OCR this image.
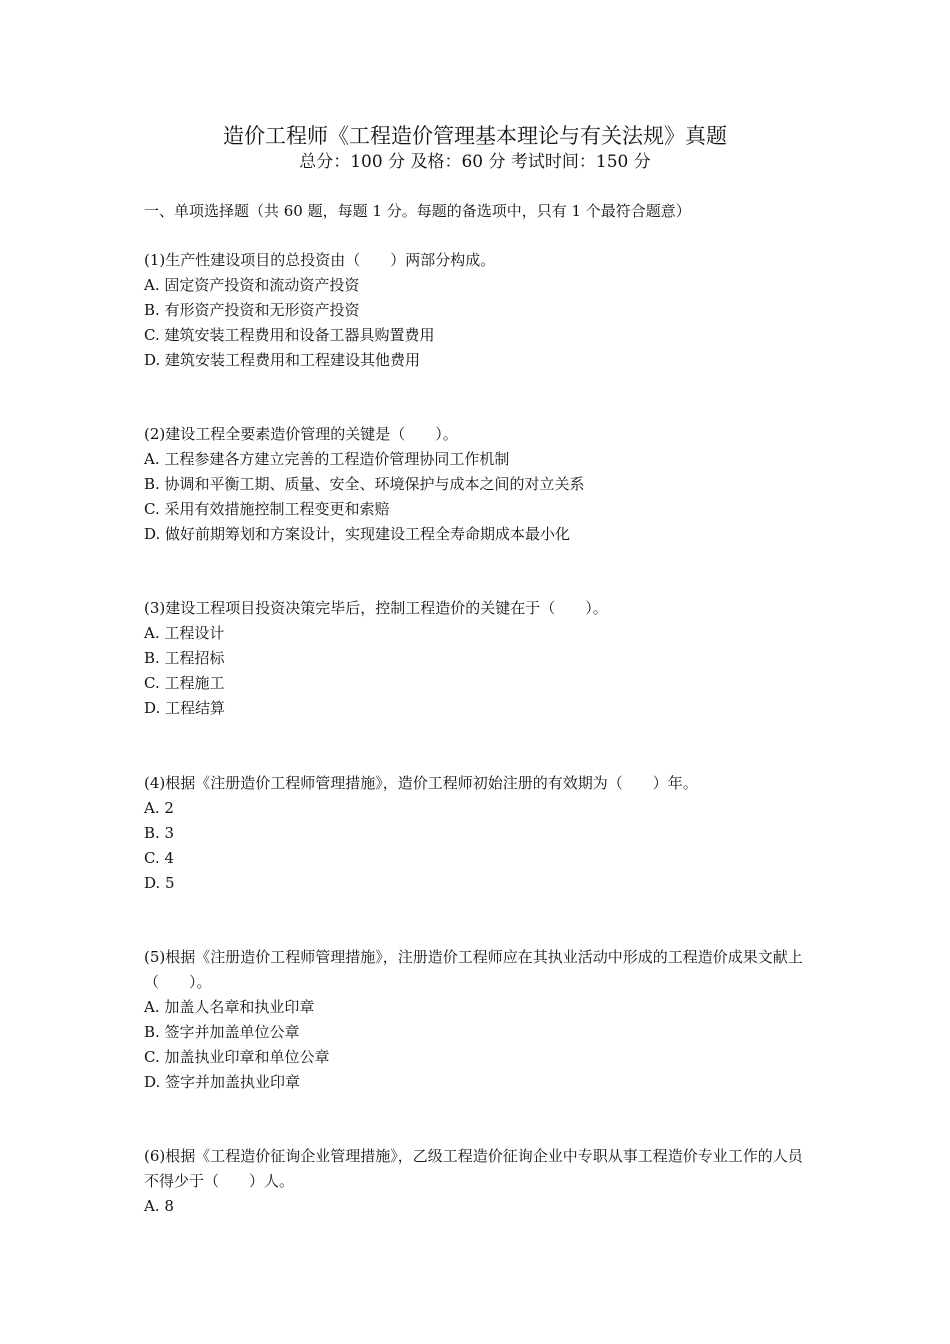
造价工程师《工程造价管理基本理论与有关法规》真题
总分：100 分 及格：60 分 考试时间：150 分
一、单项选择题（共 60 题，每题 1 分。每题的备选项中，只有 1 个最符合题意）

(1)生产性建设项目的总投资由（　　）两部分构成。

A. 固定资产投资和流动资产投资

B. 有形资产投资和无形资产投资

C. 建筑安装工程费用和设备工器具购置费用

D. 建筑安装工程费用和工程建设其他费用

(2)建设工程全要素造价管理的关键是（　　）。

A. 工程参建各方建立完善的工程造价管理协同工作机制

B. 协调和平衡工期、质量、安全、环境保护与成本之间的对立关系

C. 采用有效措施控制工程变更和索赔

D. 做好前期筹划和方案设计，实现建设工程全寿命期成本最小化

(3)建设工程项目投资决策完毕后，控制工程造价的关键在于（　　）。

A. 工程设计

B. 工程招标

C. 工程施工

D. 工程结算

(4)根据《注册造价工程师管理措施》，造价工程师初始注册的有效期为（　　）年。

A. 2

B. 3

C. 4

D. 5

(5)根据《注册造价工程师管理措施》，注册造价工程师应在其执业活动中形成的工程造价成果文献上（　　）。

A. 加盖人名章和执业印章

B. 签字并加盖单位公章

C. 加盖执业印章和单位公章

D. 签字并加盖执业印章

(6)根据《工程造价征询企业管理措施》，乙级工程造价征询企业中专职从事工程造价专业工作的人员不得少于（　　）人。

A. 8
